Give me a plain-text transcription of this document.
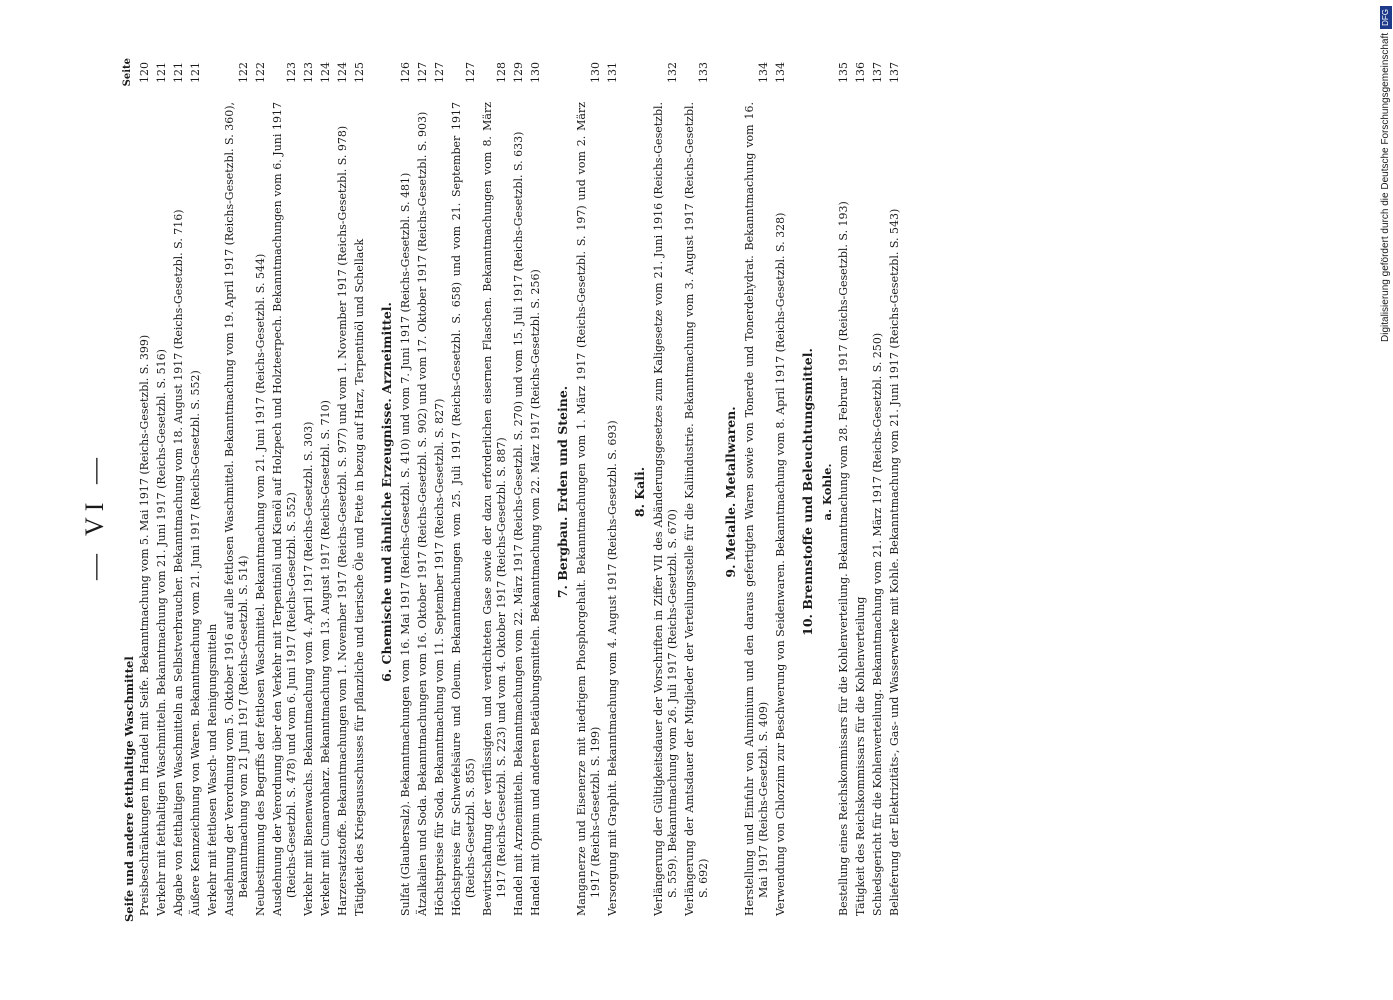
— VI —
Seite
Seife und andere fetthaltige Waschmittel Preisbeschränkungen im Handel mit Seife. Bekanntmachung vom 5. Mai 1917 (Reichs-Gesetzbl. S. 399)
120
Verkehr mit fetthaltigen Waschmitteln. Bekanntmachung vom 21. Juni 1917 (Reichs-Gesetzbl. S. 516)
121
Abgabe von fetthaltigen Waschmitteln an Selbstverbraucher. Bekanntmachung vom 18. August 1917 (Reichs-Gesetzbl. S. 716)
121
Äußere Kennzeichnung von Waren. Bekanntmachung vom 21. Juni 1917 (Reichs-Gesetzbl. S. 552)
121
Verkehr mit fettlosen Wasch- und Reinigungsmitteln Ausdehnung der Verordnung vom 5. Oktober 1916 auf alle fettlosen Waschmittel. Bekanntmachung vom 19. April 1917 (Reichs-Gesetzbl. S. 360), Bekanntmachung vom 21 Juni 1917 (Reichs-Gesetzbl. S. 514)
122
Neubestimmung des Begriffs der fettlosen Waschmittel. Bekanntmachung vom 21. Juni 1917 (Reichs-Gesetzbl. S. 544)
122
Ausdehnung der Verordnung über den Verkehr mit Terpentinöl und Kienöl auf Holzpech und Holzteerpech. Bekanntmachungen vom 6. Juni 1917 (Reichs-Gesetzbl. S. 478) und vom 6. Juni 1917 (Reichs-Gesetzbl. S. 552)
123
Verkehr mit Bienenwachs. Bekanntmachung vom 4. April 1917 (Reichs-Gesetzbl. S. 303)
123
Verkehr mit Cumaronharz. Bekanntmachung vom 13. August 1917 (Reichs-Gesetzbl. S. 710)
124
Harzersatzstoffe. Bekanntmachungen vom 1. November 1917 (Reichs-Gesetzbl. S. 977) und vom 1. November 1917 (Reichs-Gesetzbl. S. 978)
124
Tätigkeit des Kriegsausschusses für pflanzliche und tierische Öle und Fette in bezug auf Harz, Terpentinöl und Schellack
125
6. Chemische und ähnliche Erzeugnisse. Arzneimittel. Sulfat (Glaubersalz). Bekanntmachungen vom 16. Mai 1917 (Reichs-Gesetzbl. S. 410) und vom 7. Juni 1917 (Reichs-Gesetzbl. S. 481)
126
Ätzalkalien und Soda. Bekanntmachungen vom 16. Oktober 1917 (Reichs-Gesetzbl. S. 902) und vom 17. Oktober 1917 (Reichs-Gesetzbl. S. 903)
127
Höchstpreise für Soda. Bekanntmachung vom 11. September 1917 (Reichs-Gesetzbl. S. 827)
127
Höchstpreise für Schwefelsäure und Oleum. Bekanntmachungen vom 25. Juli 1917 (Reichs-Gesetzbl. S. 658) und vom 21. September 1917 (Reichs-Gesetzbl. S. 855)
127
Bewirtschaftung der verflüssigten und verdichteten Gase sowie der dazu erforderlichen eisernen Flaschen. Bekanntmachungen vom 8. März 1917 (Reichs-Gesetzbl. S. 223) und vom 4. Oktober 1917 (Reichs-Gesetzbl. S. 887)
128
Handel mit Arzneimitteln. Bekanntmachungen vom 22. März 1917 (Reichs-Gesetzbl. S. 270) und vom 15. Juli 1917 (Reichs-Gesetzbl. S. 633)
129
Handel mit Opium und anderen Betäubungsmitteln. Bekanntmachung vom 22. März 1917 (Reichs-Gesetzbl. S. 256)
130
7. Bergbau. Erden und Steine. Manganerze und Eisenerze mit niedrigem Phosphorgehalt. Bekanntmachungen vom 1. März 1917 (Reichs-Gesetzbl. S. 197) und vom 2. März 1917 (Reichs-Gesetzbl. S. 199)
130
Versorgung mit Graphit. Bekanntmachung vom 4. August 1917 (Reichs-Gesetzbl. S. 693)
131
8. Kali. Verlängerung der Gültigkeitsdauer der Vorschriften in Ziffer VII des Abänderungsgesetzes zum Kaligesetze vom 21. Juni 1916 (Reichs-Gesetzbl. S. 559). Bekanntmachung vom 26. Juli 1917 (Reichs-Gesetzbl. S. 670)
132
Verlängerung der Amtsdauer der Mitglieder der Verteilungsstelle für die Kaliindustrie. Bekanntmachung vom 3. August 1917 (Reichs-Gesetzbl. S. 692)
133
9. Metalle. Metallwaren. Herstellung und Einfuhr von Aluminium und den daraus gefertigten Waren sowie von Tonerde und Tonerdehydrat. Bekanntmachung vom 16. Mai 1917 (Reichs-Gesetzbl. S. 409)
134
Verwendung von Chlorzinn zur Beschwerung von Seidenwaren. Bekanntmachung vom 8. April 1917 (Reichs-Gesetzbl. S. 328)
134
10. Brennstoffe und Beleuchtungsmittel. a. Kohle. Bestellung eines Reichskommissars für die Kohlenverteilung. Bekanntmachung vom 28. Februar 1917 (Reichs-Gesetzbl. S. 193)
135
Tätigkeit des Reichskommissars für die Kohlenverteilung
136
Schiedsgericht für die Kohlenverteilung. Bekanntmachung vom 21. März 1917 (Reichs-Gesetzbl. S. 250)
137
Belieferung der Elektrizitäts-, Gas- und Wasserwerke mit Kohle. Bekanntmachung vom 21. Juni 1917 (Reichs-Gesetzbl. S. 543)
137	Digitalisierung gefördert durch die Deutsche ForschungsgemeinschaftDFG
